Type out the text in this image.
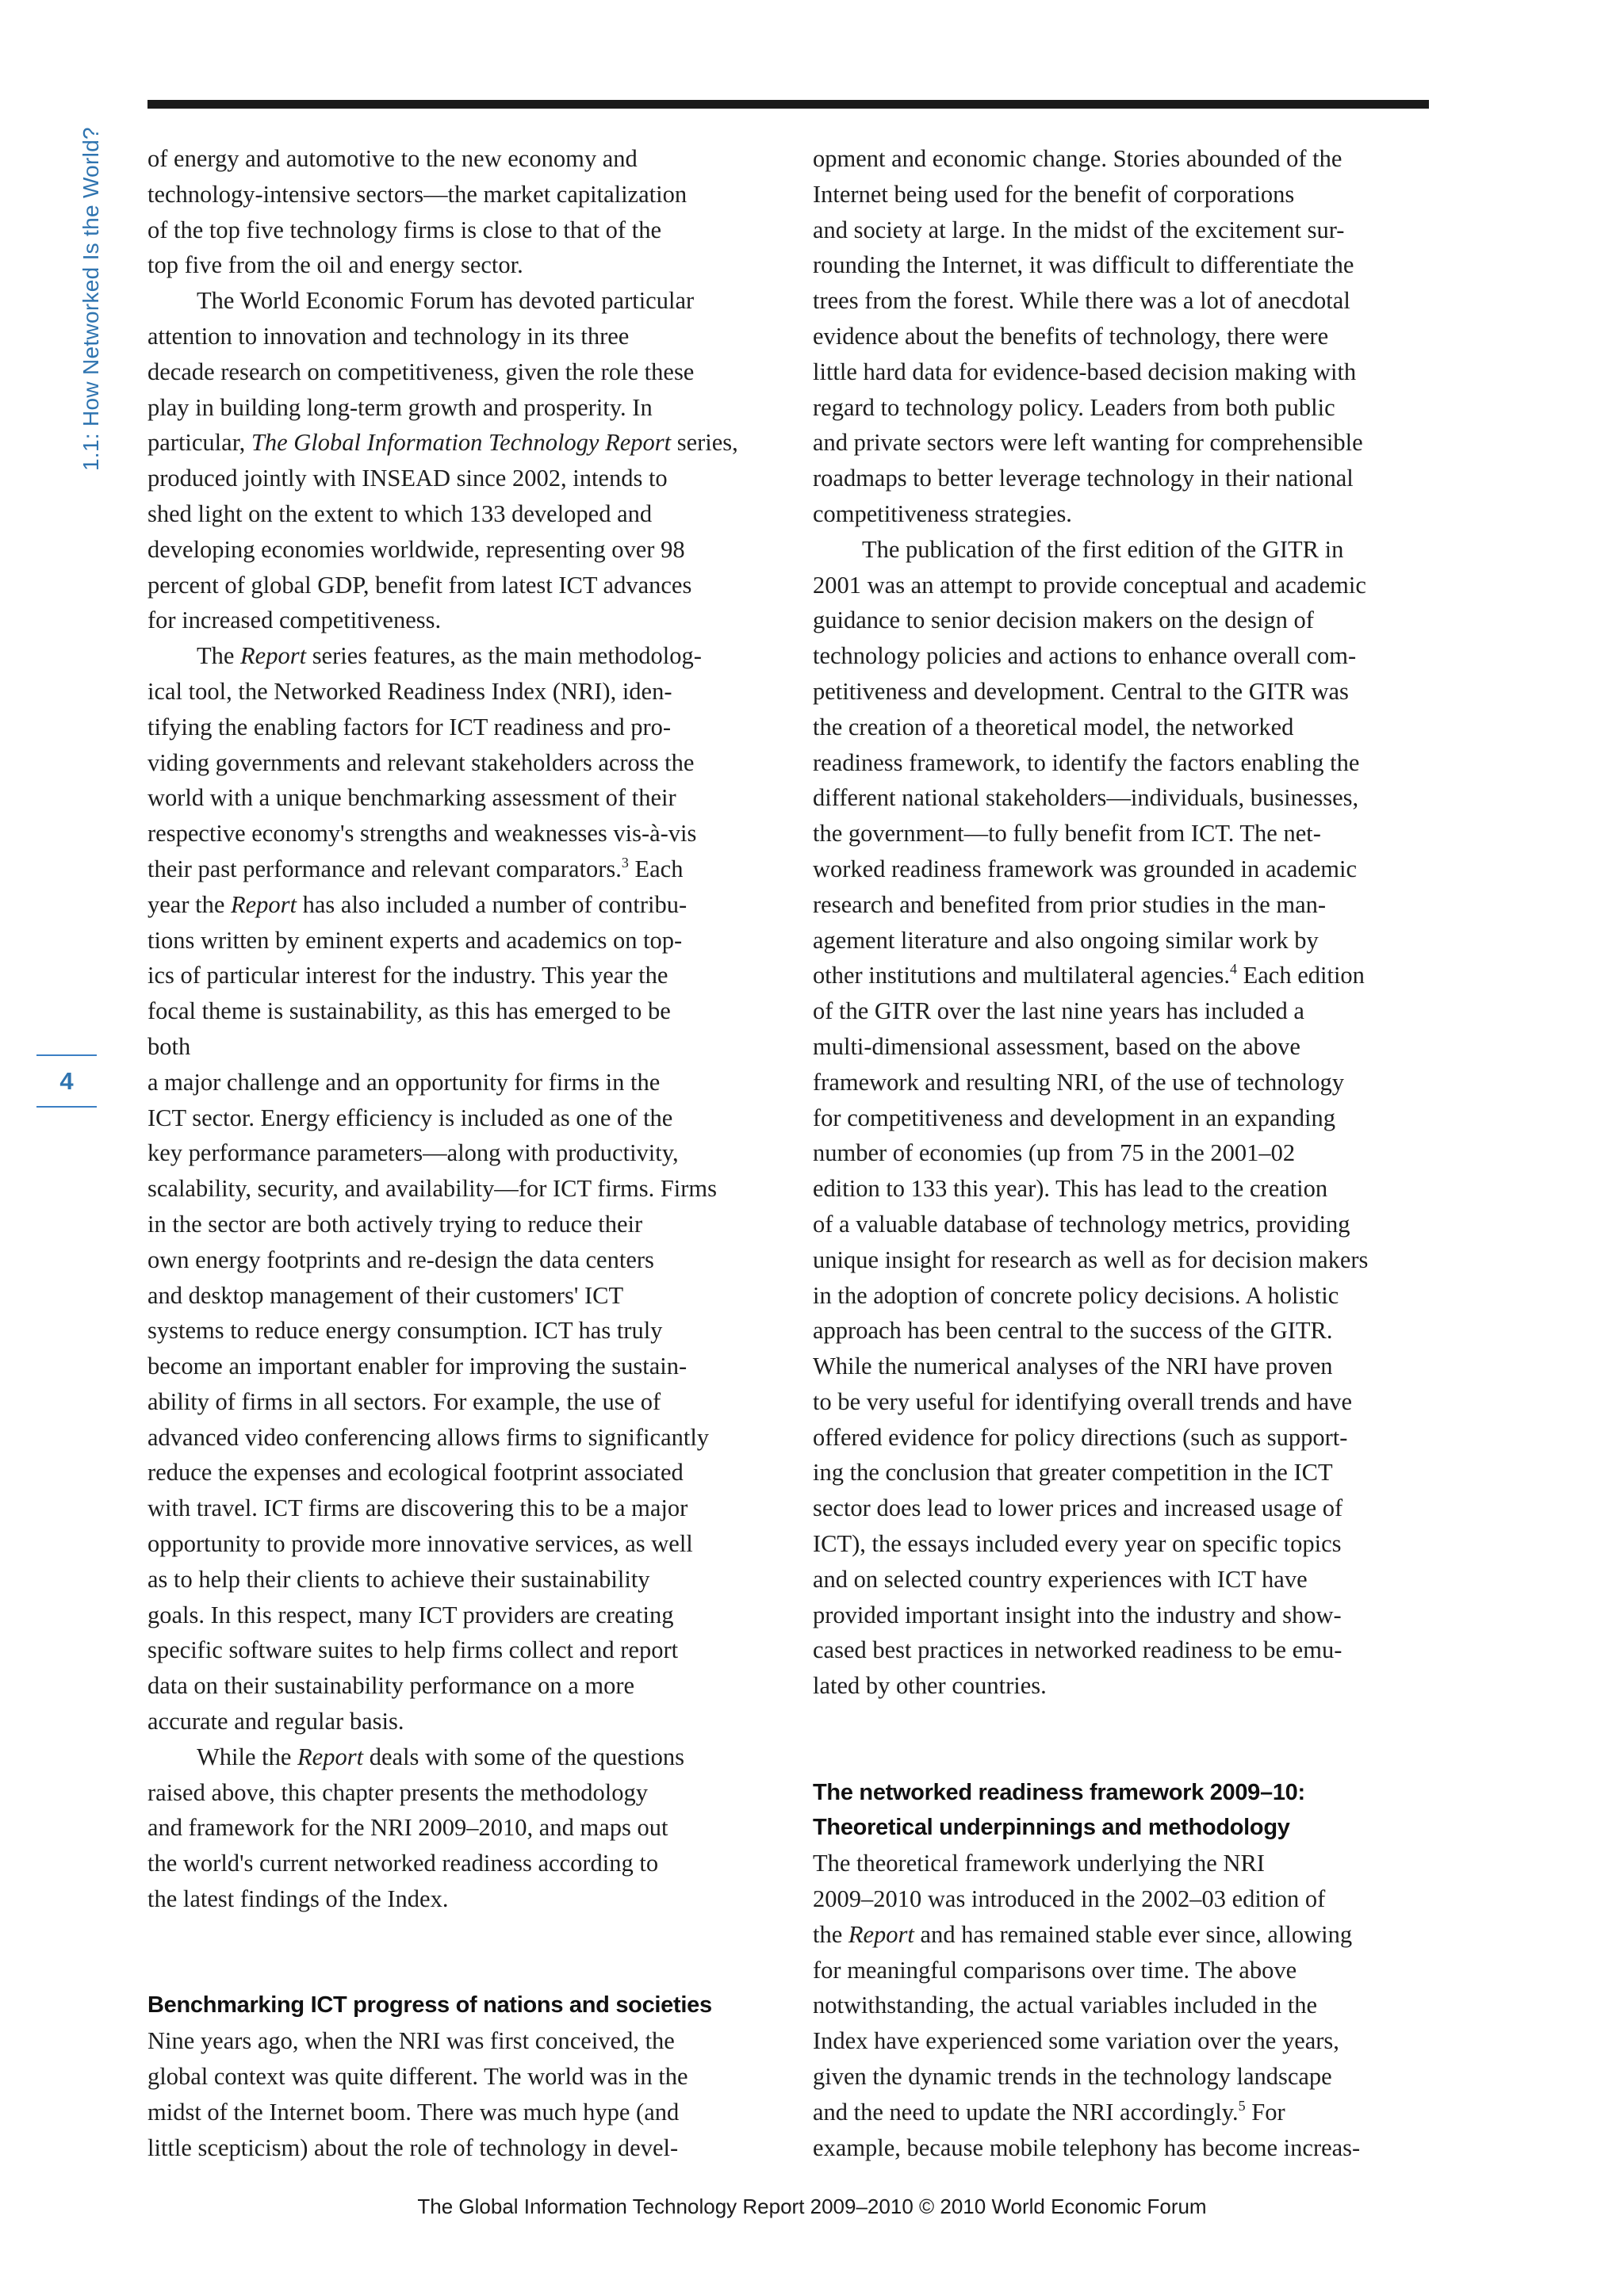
1.1: How Networked Is the World?
4

of energy and automotive to the new economy and
technology-intensive sectors—the market capitalization
of the top five technology firms is close to that of the
top five from the oil and energy sector.

The World Economic Forum has devoted particular
attention to innovation and technology in its three
decade research on competitiveness, given the role these
play in building long-term growth and prosperity. In
particular, The Global Information Technology Report series,
produced jointly with INSEAD since 2002, intends to
shed light on the extent to which 133 developed and
developing economies worldwide, representing over 98
percent of global GDP, benefit from latest ICT advances
for increased competitiveness.

The Report series features, as the main methodolog-
ical tool, the Networked Readiness Index (NRI), iden-
tifying the enabling factors for ICT readiness and pro-
viding governments and relevant stakeholders across the
world with a unique benchmarking assessment of their
respective economy's strengths and weaknesses vis-à-vis
their past performance and relevant comparators.$^3$ Each
year the Report has also included a number of contribu-
tions written by eminent experts and academics on top-
ics of particular interest for the industry. This year the
focal theme is sustainability, as this has emerged to be
both
a major challenge and an opportunity for firms in the
ICT sector. Energy efficiency is included as one of the
key performance parameters—along with productivity,
scalability, security, and availability—for ICT firms. Firms
in the sector are both actively trying to reduce their
own energy footprints and re-design the data centers
and desktop management of their customers' ICT
systems to reduce energy consumption. ICT has truly
become an important enabler for improving the sustain-
ability of firms in all sectors. For example, the use of
advanced video conferencing allows firms to significantly
reduce the expenses and ecological footprint associated
with travel. ICT firms are discovering this to be a major
opportunity to provide more innovative services, as well
as to help their clients to achieve their sustainability
goals. In this respect, many ICT providers are creating
specific software suites to help firms collect and report
data on their sustainability performance on a more
accurate and regular basis.

While the Report deals with some of the questions
raised above, this chapter presents the methodology
and framework for the NRI 2009–2010, and maps out
the world's current networked readiness according to
the latest findings of the Index.

Benchmarking ICT progress of nations and societies

Nine years ago, when the NRI was first conceived, the
global context was quite different. The world was in the
midst of the Internet boom. There was much hype (and
little scepticism) about the role of technology in devel-

opment and economic change. Stories abounded of the
Internet being used for the benefit of corporations
and society at large. In the midst of the excitement sur-
rounding the Internet, it was difficult to differentiate the
trees from the forest. While there was a lot of anecdotal
evidence about the benefits of technology, there were
little hard data for evidence-based decision making with
regard to technology policy. Leaders from both public
and private sectors were left wanting for comprehensible
roadmaps to better leverage technology in their national
competitiveness strategies.

The publication of the first edition of the GITR in
2001 was an attempt to provide conceptual and academic
guidance to senior decision makers on the design of
technology policies and actions to enhance overall com-
petitiveness and development. Central to the GITR was
the creation of a theoretical model, the networked
readiness framework, to identify the factors enabling the
different national stakeholders—individuals, businesses,
the government—to fully benefit from ICT. The net-
worked readiness framework was grounded in academic
research and benefited from prior studies in the man-
agement literature and also ongoing similar work by
other institutions and multilateral agencies.$^4$ Each edition
of the GITR over the last nine years has included a
multi-dimensional assessment, based on the above
framework and resulting NRI, of the use of technology
for competitiveness and development in an expanding
number of economies (up from 75 in the 2001–02
edition to 133 this year). This has lead to the creation
of a valuable database of technology metrics, providing
unique insight for research as well as for decision makers
in the adoption of concrete policy decisions. A holistic
approach has been central to the success of the GITR.
While the numerical analyses of the NRI have proven
to be very useful for identifying overall trends and have
offered evidence for policy directions (such as support-
ing the conclusion that greater competition in the ICT
sector does lead to lower prices and increased usage of
ICT), the essays included every year on specific topics
and on selected country experiences with ICT have
provided important insight into the industry and show-
cased best practices in networked readiness to be emu-
lated by other countries.

The networked readiness framework 2009–10:
Theoretical underpinnings and methodology

The theoretical framework underlying the NRI
2009–2010 was introduced in the 2002–03 edition of
the Report and has remained stable ever since, allowing
for meaningful comparisons over time. The above
notwithstanding, the actual variables included in the
Index have experienced some variation over the years,
given the dynamic trends in the technology landscape
and the need to update the NRI accordingly.$^5$ For
example, because mobile telephony has become increas-

The Global Information Technology Report 2009–2010 © 2010 World Economic Forum
